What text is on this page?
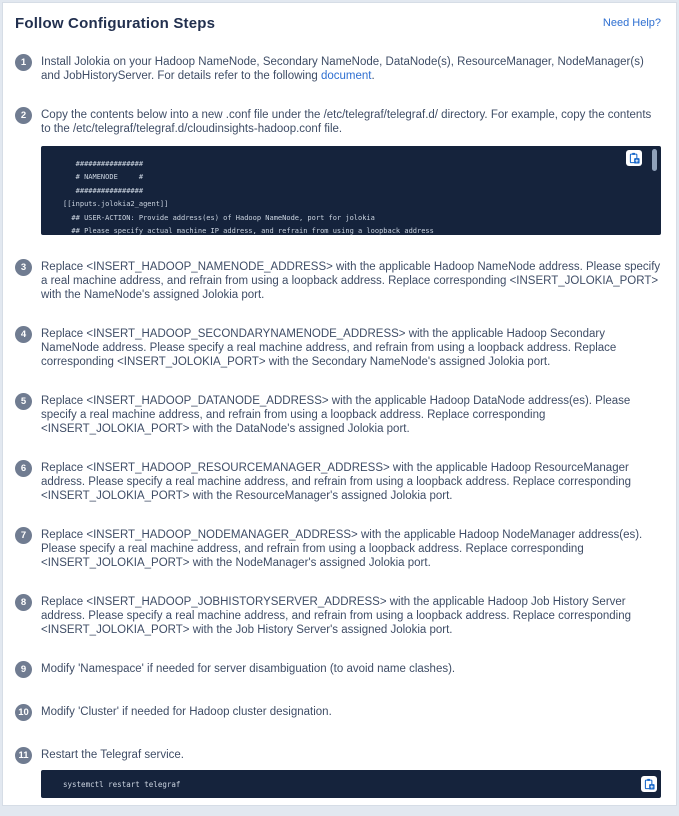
Follow Configuration Steps	Need Help?
1	Install Jolokia on your Hadoop NameNode, Secondary NameNode, DataNode(s), ResourceManager, NodeManager(s) and JobHistoryServer. For details refer to the following document.
2	Copy the contents below into a new .conf file under the /etc/telegraf/telegraf.d/ directory. For example, copy the contents to the /etc/telegraf/telegraf.d/cloudinsights-hadoop.conf file.
################
# NAMENODE     #
################
[[inputs.jolokia2_agent]]
## USER-ACTION: Provide address(es) of Hadoop NameNode, port for jolokia
## Please specify actual machine IP address, and refrain from using a loopback address
3	Replace <INSERT_HADOOP_NAMENODE_ADDRESS> with the applicable Hadoop NameNode address. Please specify a real machine address, and refrain from using a loopback address. Replace corresponding <INSERT_JOLOKIA_PORT> with the NameNode's assigned Jolokia port.
4	Replace <INSERT_HADOOP_SECONDARYNAMENODE_ADDRESS> with the applicable Hadoop Secondary NameNode address. Please specify a real machine address, and refrain from using a loopback address. Replace corresponding <INSERT_JOLOKIA_PORT> with the Secondary NameNode's assigned Jolokia port.
5	Replace <INSERT_HADOOP_DATANODE_ADDRESS> with the applicable Hadoop DataNode address(es). Please specify a real machine address, and refrain from using a loopback address. Replace corresponding <INSERT_JOLOKIA_PORT> with the DataNode's assigned Jolokia port.
6	Replace <INSERT_HADOOP_RESOURCEMANAGER_ADDRESS> with the applicable Hadoop ResourceManager address. Please specify a real machine address, and refrain from using a loopback address. Replace corresponding <INSERT_JOLOKIA_PORT> with the ResourceManager's assigned Jolokia port.
7	Replace <INSERT_HADOOP_NODEMANAGER_ADDRESS> with the applicable Hadoop NodeManager address(es). Please specify a real machine address, and refrain from using a loopback address. Replace corresponding <INSERT_JOLOKIA_PORT> with the NodeManager's assigned Jolokia port.
8	Replace <INSERT_HADOOP_JOBHISTORYSERVER_ADDRESS> with the applicable Hadoop Job History Server address. Please specify a real machine address, and refrain from using a loopback address. Replace corresponding <INSERT_JOLOKIA_PORT> with the Job History Server's assigned Jolokia port.
9	Modify 'Namespace' if needed for server disambiguation (to avoid name clashes).
10 Modify 'Cluster' if needed for Hadoop cluster designation.
11	Restart the Telegraf service.
systemctl restart telegraf
